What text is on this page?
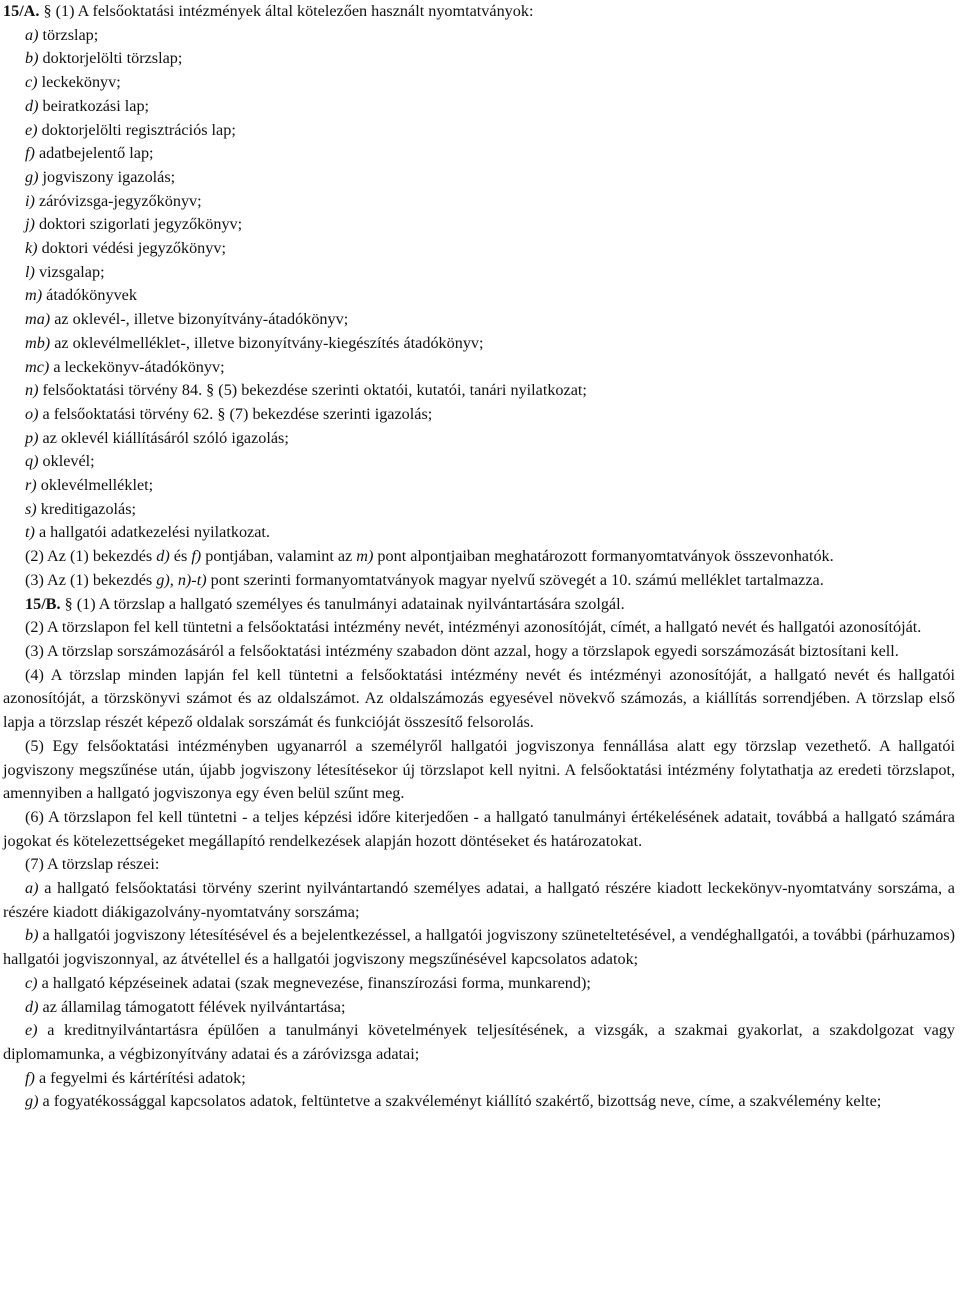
15/A. § (1) A felsőoktatási intézmények által kötelezően használt nyomtatványok:
a) törzslap;
b) doktorjelölti törzslap;
c) leckekönyv;
d) beiratkozási lap;
e) doktorjelölti regisztrációs lap;
f) adatbejelentő lap;
g) jogviszony igazolás;
i) záróvizsga-jegyzőkönyv;
j) doktori szigorlati jegyzőkönyv;
k) doktori védési jegyzőkönyv;
l) vizsgalap;
m) átadókönyvek
ma) az oklevél-, illetve bizonyítvány-átadókönyv;
mb) az oklevélmelléklet-, illetve bizonyítvány-kiegészítés átadókönyv;
mc) a leckekönyv-átadókönyv;
n) felsőoktatási törvény 84. § (5) bekezdése szerinti oktatói, kutatói, tanári nyilatkozat;
o) a felsőoktatási törvény 62. § (7) bekezdése szerinti igazolás;
p) az oklevél kiállításáról szóló igazolás;
q) oklevél;
r) oklevélmelléklet;
s) kreditigazolás;
t) a hallgatói adatkezelési nyilatkozat.
(2) Az (1) bekezdés d) és f) pontjában, valamint az m) pont alpontjaiban meghatározott formanyomtatványok összevonhatók.
(3) Az (1) bekezdés g), n)-t) pont szerinti formanyomtatványok magyar nyelvű szövegét a 10. számú melléklet tartalmazza.
15/B. § (1) A törzslap a hallgató személyes és tanulmányi adatainak nyilvántartására szolgál.
(2) A törzslapon fel kell tüntetni a felsőoktatási intézmény nevét, intézményi azonosítóját, címét, a hallgató nevét és hallgatói azonosítóját.
(3) A törzslap sorszámozásáról a felsőoktatási intézmény szabadon dönt azzal, hogy a törzslapok egyedi sorszámozását biztosítani kell.
(4) A törzslap minden lapján fel kell tüntetni a felsőoktatási intézmény nevét és intézményi azonosítóját, a hallgató nevét és hallgatói azonosítóját, a törzskönyvi számot és az oldalszámot. Az oldalszámozás egyesével növekvő számozás, a kiállítás sorrendjében. A törzslap első lapja a törzslap részét képező oldalak sorszámát és funkcióját összesítő felsorolás.
(5) Egy felsőoktatási intézményben ugyanarról a személyről hallgatói jogviszonya fennállása alatt egy törzslap vezethető. A hallgatói jogviszony megszűnése után, újabb jogviszony létesítésekor új törzslapot kell nyitni. A felsőoktatási intézmény folytathatja az eredeti törzslapot, amennyiben a hallgató jogviszonya egy éven belül szűnt meg.
(6) A törzslapon fel kell tüntetni - a teljes képzési időre kiterjedően - a hallgató tanulmányi értékelésének adatait, továbbá a hallgató számára jogokat és kötelezettségeket megállapító rendelkezések alapján hozott döntéseket és határozatokat.
(7) A törzslap részei:
a) a hallgató felsőoktatási törvény szerint nyilvántartandó személyes adatai, a hallgató részére kiadott leckekönyv-nyomtatvány sorszáma, a részére kiadott diákigazolvány-nyomtatvány sorszáma;
b) a hallgatói jogviszony létesítésével és a bejelentkezéssel, a hallgatói jogviszony szüneteltetésével, a vendéghallgatói, a további (párhuzamos) hallgatói jogviszonnyal, az átvétellel és a hallgatói jogviszony megszűnésével kapcsolatos adatok;
c) a hallgató képzéseinek adatai (szak megnevezése, finanszírozási forma, munkarend);
d) az államilag támogatott félévek nyilvántartása;
e) a kreditnyilvántartásra épülően a tanulmányi követelmények teljesítésének, a vizsgák, a szakmai gyakorlat, a szakdolgozat vagy diplomamunka, a végbizonyítvány adatai és a záróvizsga adatai;
f) a fegyelmi és kártérítési adatok;
g) a fogyatékossággal kapcsolatos adatok, feltüntetve a szakvéleményt kiállító szakértő, bizottság neve, címe, a szakvélemény kelte;
